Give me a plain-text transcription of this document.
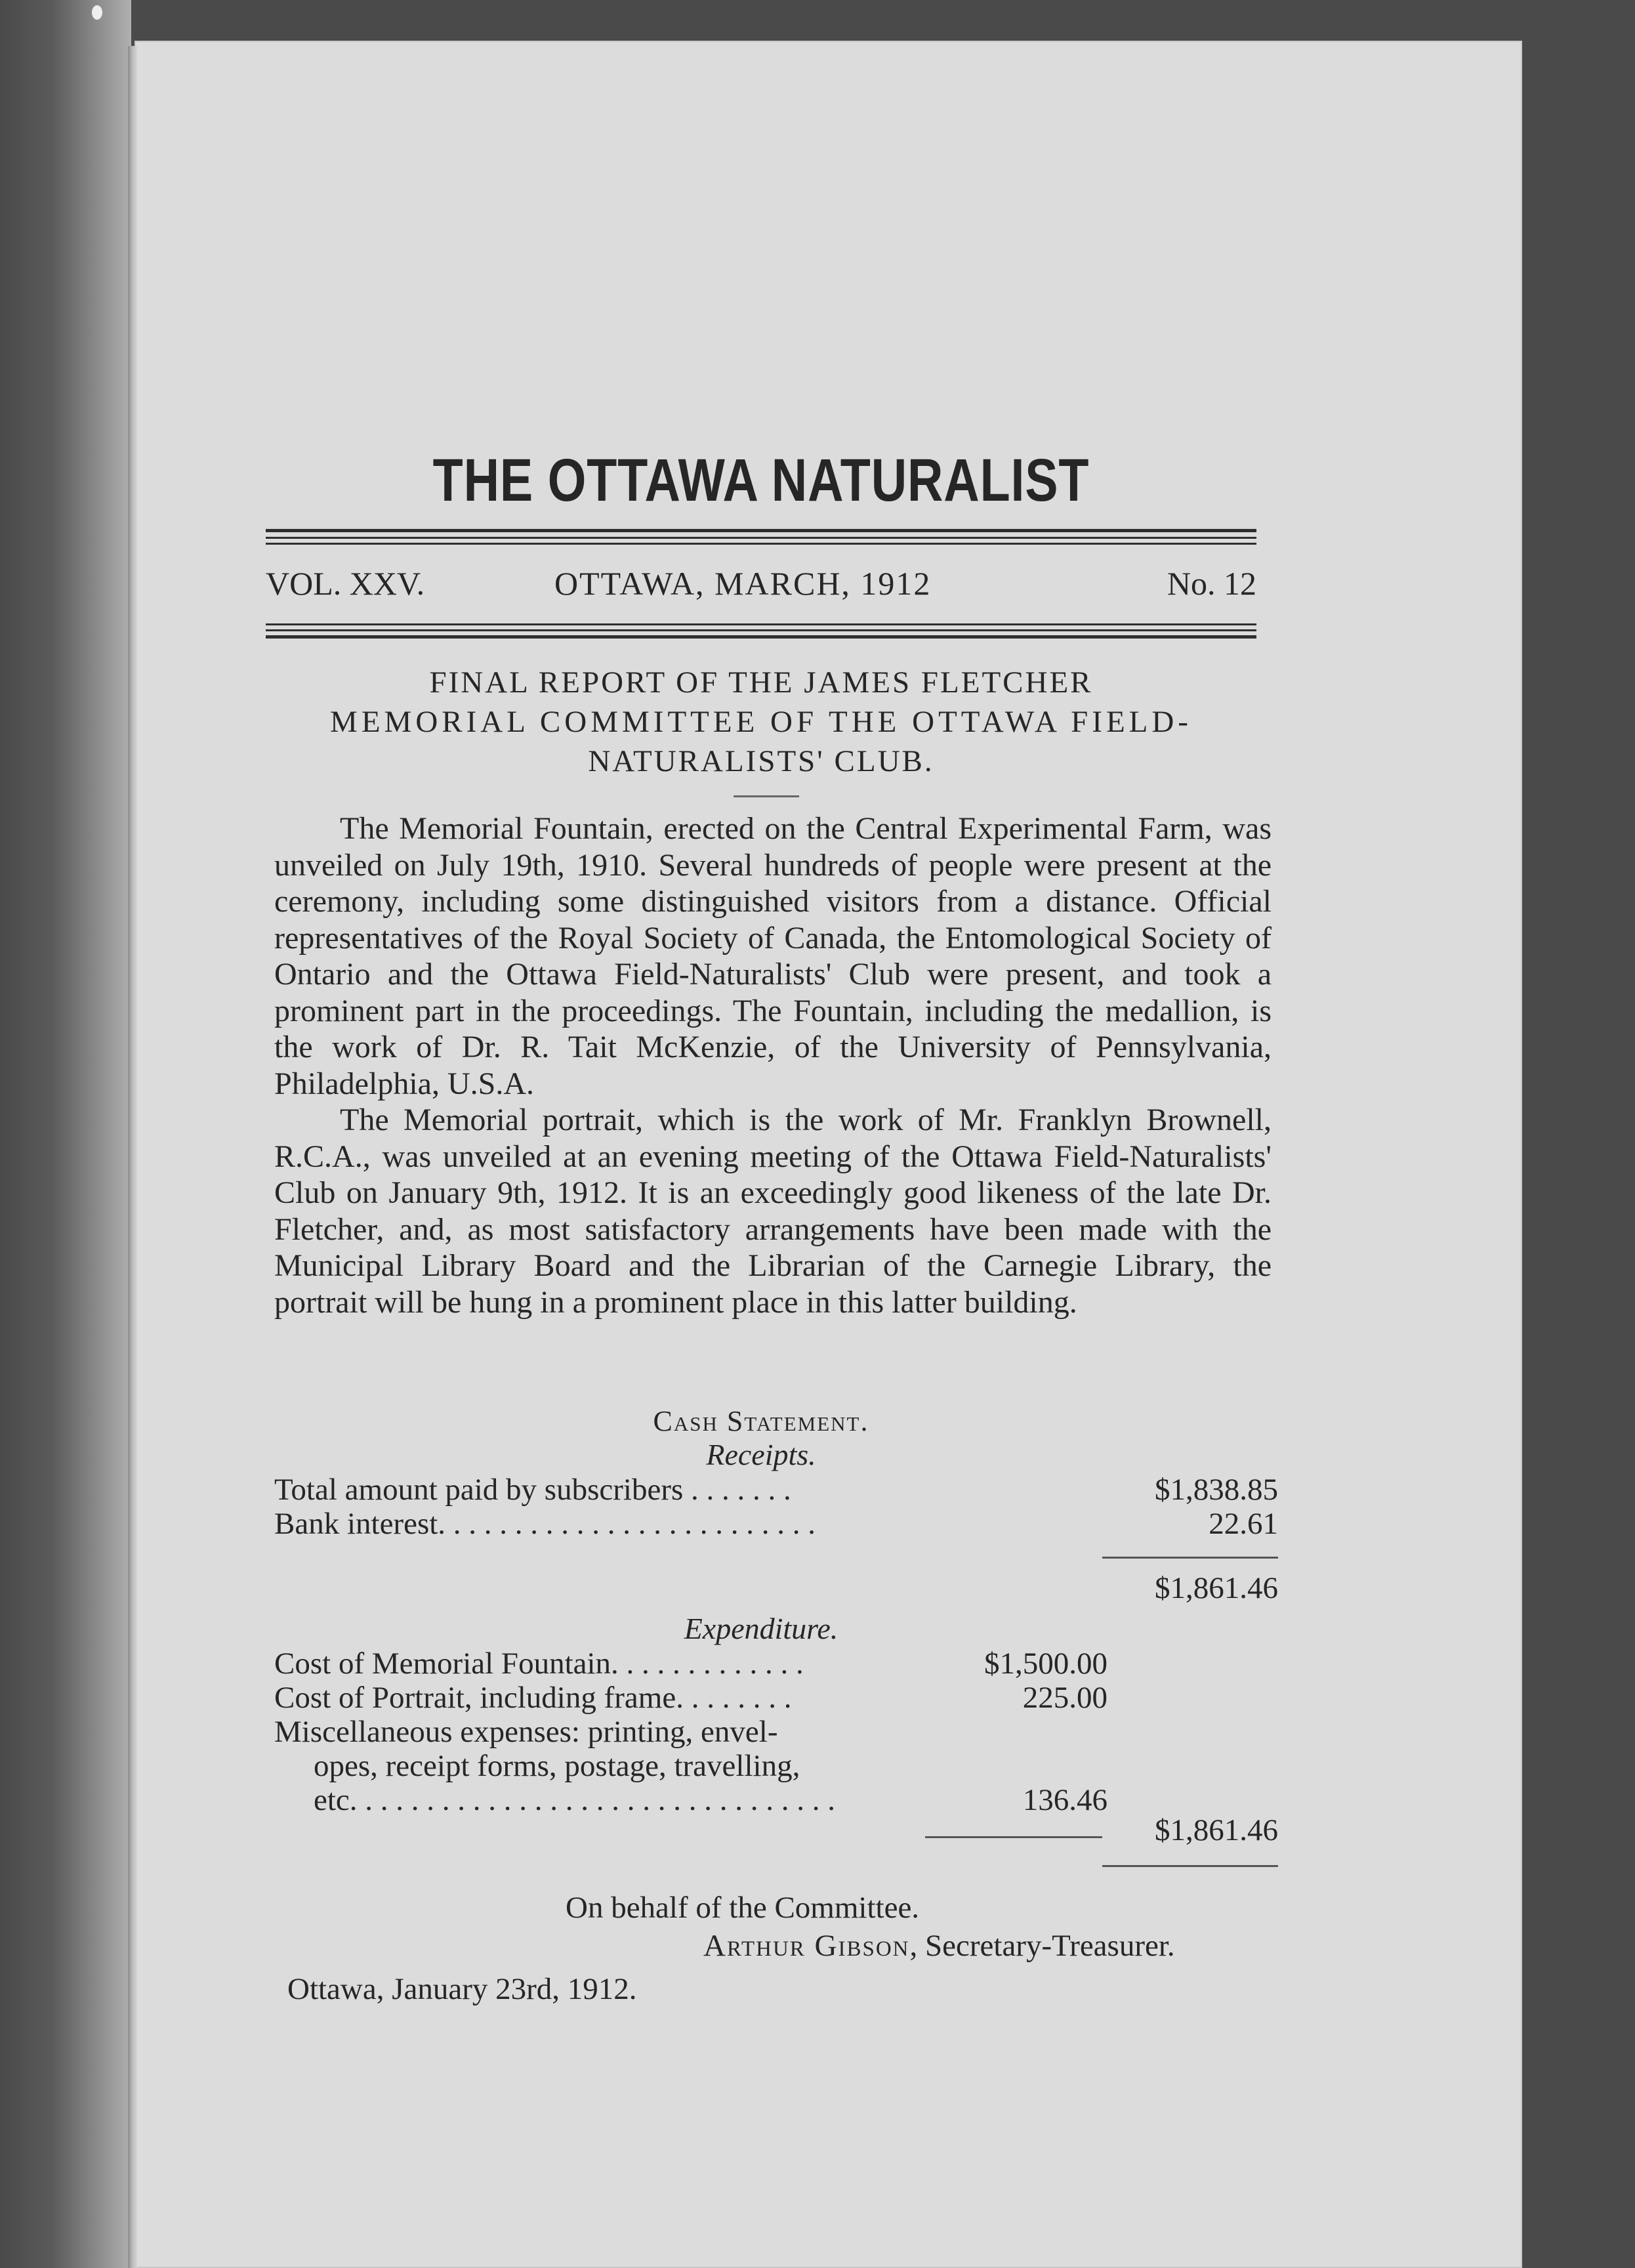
THE OTTAWA NATURALIST
VOL. XXV.	OTTAWA, MARCH, 1912	No. 12
FINAL REPORT OF THE JAMES FLETCHER
MEMORIAL COMMITTEE OF THE OTTAWA FIELD-
NATURALISTS' CLUB.

The Memorial Fountain, erected on the Central Experimental Farm, was unveiled on July 19th, 1910. Several hundreds of people were present at the ceremony, including some distinguished visitors from a distance. Official representatives of the Royal Society of Canada, the Entomological Society of Ontario and the Ottawa Field-Naturalists' Club were present, and took a prominent part in the proceedings. The Fountain, including the medallion, is the work of Dr. R. Tait McKenzie, of the University of Pennsylvania, Philadelphia, U.S.A.

The Memorial portrait, which is the work of Mr. Franklyn Brownell, R.C.A., was unveiled at an evening meeting of the Ottawa Field-Naturalists' Club on January 9th, 1912. It is an exceedingly good likeness of the late Dr. Fletcher, and, as most satisfactory arrangements have been made with the Municipal Library Board and the Librarian of the Carnegie Library, the portrait will be hung in a prominent place in this latter building.

Cash Statement.
Receipts.
Total amount paid by subscribers . . . . . . .	$1,838.85
Bank interest. . . . . . . . . . . . . . . . . . . . . . . . .	22.61
$1,861.46
Expenditure.
Cost of Memorial Fountain. . . . . . . . . . . . .	$1,500.00
Cost of Portrait, including frame. . . . . . . .	225.00
Miscellaneous expenses: printing, envel-
opes, receipt forms, postage, travelling,
etc. . . . . . . . . . . . . . . . . . . . . . . . . . . . . . . .	136.46
$1,861.46
On behalf of the Committee.
Arthur Gibson, Secretary-Treasurer.
Ottawa, January 23rd, 1912.
